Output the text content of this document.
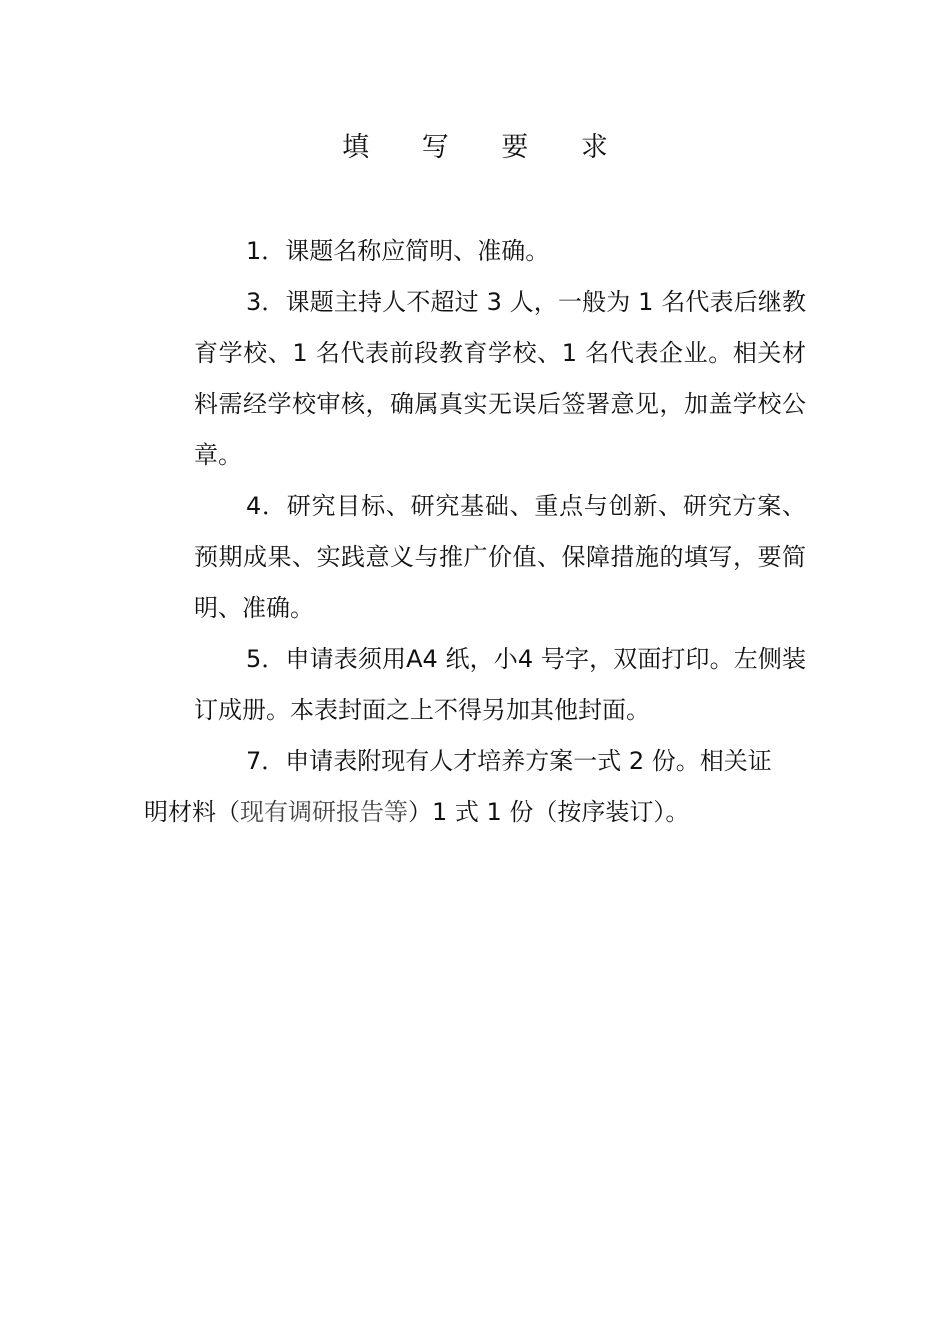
填 写 要 求

1．课题名称应简明、准确。

3．课题主持人不超过 3 人，一般为 1 名代表后继教育学校、1 名代表前段教育学校、1 名代表企业。相关材料需经学校审核，确属真实无误后签署意见，加盖学校公章。

4．研究目标、研究基础、重点与创新、研究方案、预期成果、实践意义与推广价值、保障措施的填写，要简明、准确。

5．申请表须用A4 纸，小4 号字，双面打印。左侧装订成册。本表封面之上不得另加其他封面。

7．申请表附现有人才培养方案一式 2 份。相关证
明材料（现有调研报告等）1 式 1 份（按序装订）。
